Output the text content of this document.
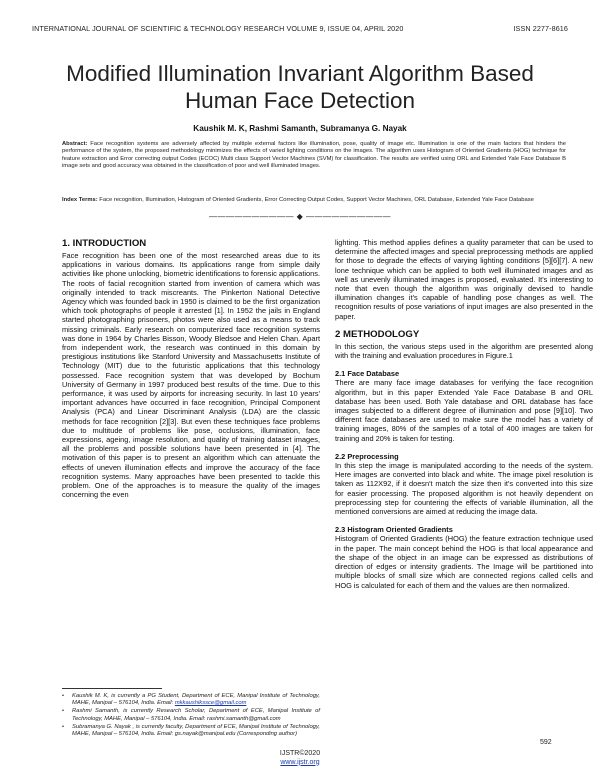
INTERNATIONAL JOURNAL OF SCIENTIFIC & TECHNOLOGY RESEARCH VOLUME 9, ISSUE 04, APRIL 2020	ISSN 2277-8616
Modified Illumination Invariant Algorithm Based
Human Face Detection
Kaushik M. K, Rashmi Samanth, Subramanya G. Nayak
Abstract: Face recognition systems are adversely affected by multiple external factors like illumination, pose, quality of image etc. Illumination is one of the main factors that hinders the performance of the system, the proposed methodology minimizes the effects of varied lighting conditions on the images. The algorithm uses Histogram of Oriented Gradients (HOG) technique for feature extraction and Error correcting output Codes (ECOC) Multi class Support Vector Machines (SVM) for classification. The results are verified using ORL and Extended Yale Face Database B image sets and good accuracy was obtained in the classification of poor and well illuminated images.
Index Terms: Face recognition, Illumination, Histogram of Oriented Gradients, Error Correcting Output Codes, Support Vector Machines, ORL Database, Extended Yale Face Database
—————————— ◆ ——————————
1. INTRODUCTION

Face recognition has been one of the most researched areas due to its applications in various domains. Its applications range from simple daily activities like phone unlocking, biometric identifications to forensic applications. The roots of facial recognition started from invention of camera which was originally intended to track miscreants. The Pinkerton National Detective Agency which was founded back in 1950 is claimed to be the first organization which took photographs of people it arrested [1]. In 1952 the jails in England started photographing prisoners, photos were also used as a means to track missing criminals. Early research on computerized face recognition systems was done in 1964 by Charles Bisson, Woody Bledsoe and Helen Chan. Apart from independent work, the research was continued in this domain by prestigious institutions like Stanford University and Massachusetts Institute of Technology (MIT) due to the futuristic applications that this technology possessed. Face recognition system that was developed by Bochum University of Germany in 1997 produced best results of the time. Due to this performance, it was used by airports for increasing security. In last 10 years' important advances have occurred in face recognition, Principal Component Analysis (PCA) and Linear Discriminant Analysis (LDA) are the classic methods for face recognition [2][3]. But even these techniques face problems due to multitude of problems like pose, occlusions, illumination, face expressions, ageing, image resolution, and quality of training dataset images, all the problems and possible solutions have been presented in [4]. The motivation of this paper is to present an algorithm which can attenuate the effects of uneven illumination effects and improve the accuracy of the face recognition systems. Many approaches have been presented to tackle this problem. One of the approaches is to measure the quality of the images concerning the even

lighting. This method applies defines a quality parameter that can be used to determine the affected images and special preprocessing methods are applied for those to degrade the effects of varying lighting conditions [5][6][7]. A new lone technique which can be applied to both well illuminated images and as well as unevenly illuminated images is proposed, evaluated. It's interesting to note that even though the algorithm was originally devised to handle illumination changes it's capable of handling pose changes as well. The recognition results of pose variations of input images are also presented in the paper.

2 METHODOLOGY

In this section, the various steps used in the algorithm are presented along with the training and evaluation procedures in Figure.1

2.1 Face Database

There are many face image databases for verifying the face recognition algorithm, but in this paper Extended Yale Face Database B and ORL database has been used. Both Yale database and ORL database has face images subjected to a different degree of illumination and pose [9][10]. Two different face databases are used to make sure the model has a variety of training images, 80% of the samples of a total of 400 images are taken for training and 20% is taken for testing.

2.2 Preprocessing

In this step the image is manipulated according to the needs of the system. Here images are converted into black and white. The image pixel resolution is taken as 112X92, if it doesn't match the size then it's converted into this size for easier processing. The proposed algorithm is not heavily dependent on preprocessing step for countering the effects of variable illumination, all the mentioned conversions are aimed at reducing the image data.

2.3 Histogram Oriented Gradients

Histogram of Oriented Gradients (HOG) the feature extraction technique used in the paper. The main concept behind the HOG is that local appearance and the shape of the object in an image can be expressed as distributions of direction of edges or intensity gradients. The Image will be partitioned into multiple blocks of small size which are connected regions called cells and HOG is calculated for each of them and the values are then normalized.

•	Kaushik M. K, is currently a PG Student, Department of ECE, Manipal Institute of Technology, MAHE, Manipal – 576104, India. Email: mkkaushikssce@gmail.com
•	Rashmi Samanth, is currently Research Scholar, Department of ECE, Manipal Institute of Technology, MAHE, Manipal – 576104, India. Email: rashmi.samanth@gmail.com
•	Subramanya G. Nayak , is currently faculty, Department of ECE, Manipal Institute of Technology, MAHE, Manipal – 576104, India. Email: gs.nayak@manipal.edu (Corresponding author)
592
IJSTR©2020
www.ijstr.org
